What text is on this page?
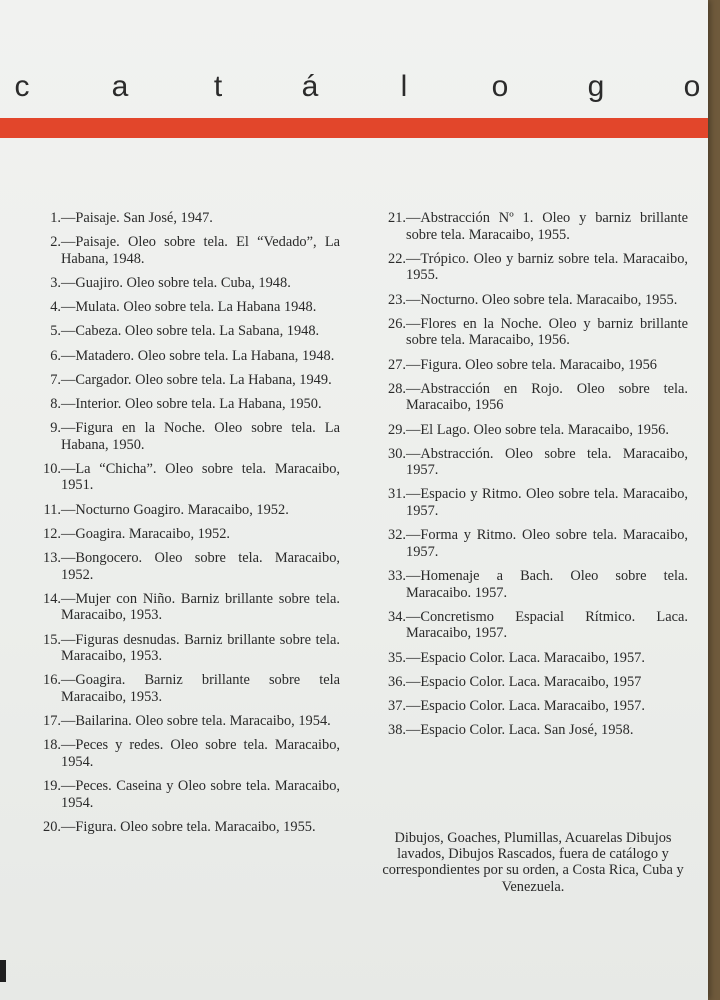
c	a	t	á	l	o	g	o
1. —Paisaje. San José, 1947.
2. —Paisaje. Oleo sobre tela. El “Vedado”, La Habana, 1948.
3. —Guajiro. Oleo sobre tela. Cuba, 1948.
4. —Mulata. Oleo sobre tela. La Habana 1948.
5. —Cabeza. Oleo sobre tela. La Sabana, 1948.
6. —Matadero. Oleo sobre tela. La Habana, 1948.
7. —Cargador. Oleo sobre tela. La Habana, 1949.
8. —Interior. Oleo sobre tela. La Habana, 1950.
9. —Figura en la Noche. Oleo sobre tela. La Habana, 1950.
10. —La “Chicha”. Oleo sobre tela. Maracaibo, 1951.
11. —Nocturno Goagiro. Maracaibo, 1952.
12. —Goagira. Maracaibo, 1952.
13. —Bongocero. Oleo sobre tela. Maracaibo, 1952.
14. —Mujer con Niño. Barniz brillante sobre tela. Maracaibo, 1953.
15. —Figuras desnudas. Barniz brillante sobre tela. Maracaibo, 1953.
16. —Goagira. Barniz brillante sobre tela Maracaibo, 1953.
17. —Bailarina. Oleo sobre tela. Maracaibo, 1954.
18. —Peces y redes. Oleo sobre tela. Maracaibo, 1954.
19. —Peces. Caseina y Oleo sobre tela. Maracaibo, 1954.
20. —Figura. Oleo sobre tela. Maracaibo, 1955.
21. —Abstracción Nº 1. Oleo y barniz brillante sobre tela. Maracaibo, 1955.
22. —Trópico. Oleo y barniz sobre tela. Maracaibo, 1955.
23. —Nocturno. Oleo sobre tela. Maracaibo, 1955.
26. —Flores en la Noche. Oleo y barniz brillante sobre tela. Maracaibo, 1956.
27. —Figura. Oleo sobre tela. Maracaibo, 1956
28. —Abstracción en Rojo. Oleo sobre tela. Maracaibo, 1956
29. —El Lago. Oleo sobre tela. Maracaibo, 1956.
30. —Abstracción. Oleo sobre tela. Maracaibo, 1957.
31. —Espacio y Ritmo. Oleo sobre tela. Maracaibo, 1957.
32. —Forma y Ritmo. Oleo sobre tela. Maracaibo, 1957.
33. —Homenaje a Bach. Oleo sobre tela. Maracaibo. 1957.
34. —Concretismo Espacial Rítmico. Laca. Maracaibo, 1957.
35. —Espacio Color. Laca. Maracaibo, 1957.
36. —Espacio Color. Laca. Maracaibo, 1957
37. —Espacio Color. Laca. Maracaibo, 1957.
38. —Espacio Color. Laca. San José, 1958.

Dibujos, Goaches, Plumillas, Acuarelas Dibujos lavados, Dibujos Rascados, fuera de catálogo y correspondientes por su orden, a Costa Rica, Cuba y Venezuela.
